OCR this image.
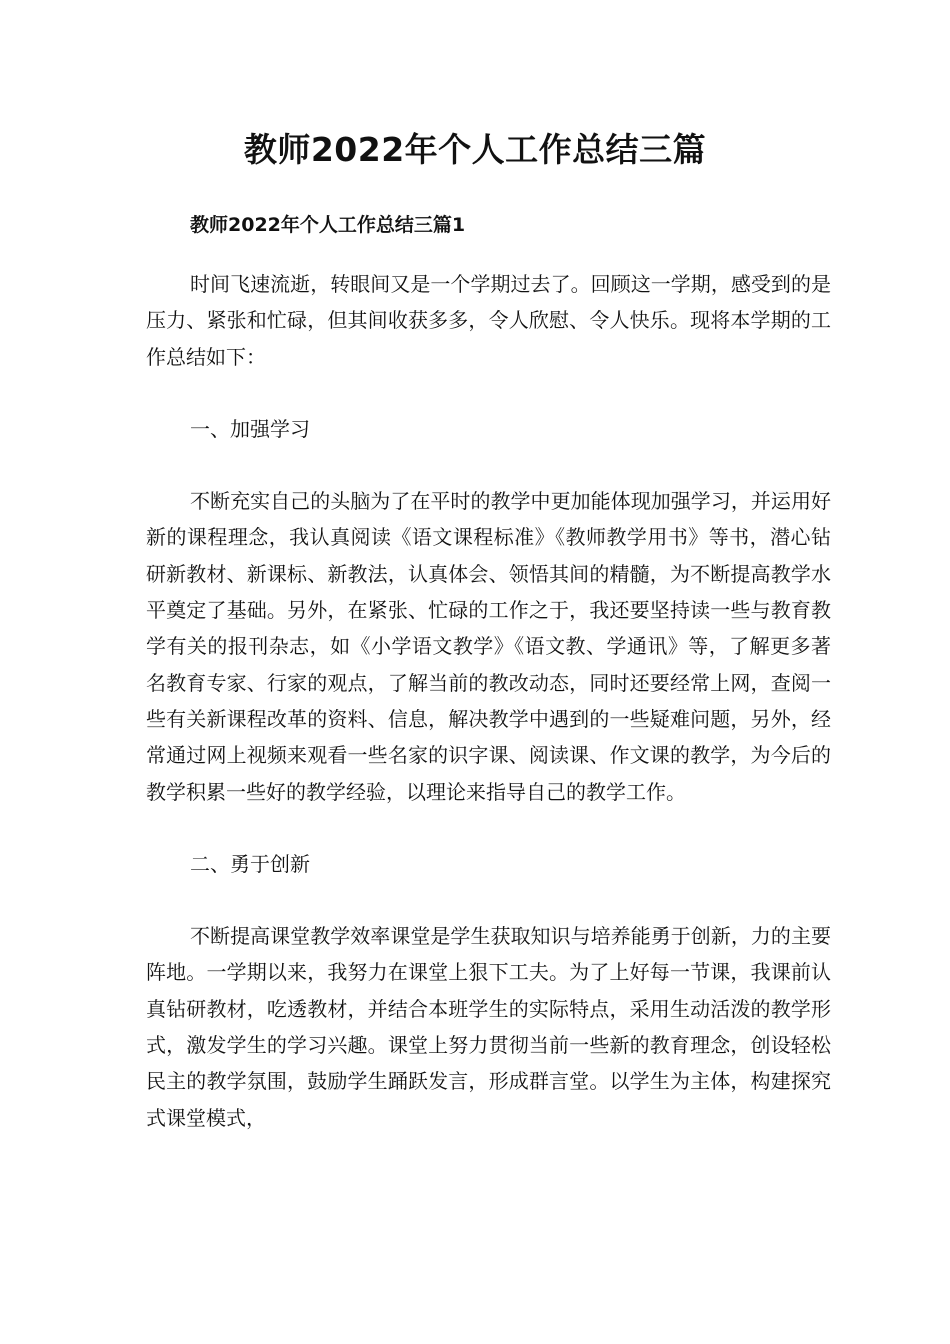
教师2022年个人工作总结三篇
教师2022年个人工作总结三篇1

时间飞速流逝，转眼间又是一个学期过去了。回顾这一学期，感受到的是压力、紧张和忙碌，但其间收获多多，令人欣慰、令人快乐。现将本学期的工作总结如下：

一、加强学习

不断充实自己的头脑为了在平时的教学中更加能体现加强学习，并运用好新的课程理念，我认真阅读《语文课程标准》《教师教学用书》等书，潜心钻研新教材、新课标、新教法，认真体会、领悟其间的精髓，为不断提高教学水平奠定了基础。另外，在紧张、忙碌的工作之于，我还要坚持读一些与教育教学有关的报刊杂志，如《小学语文教学》《语文教、学通讯》等，了解更多著名教育专家、行家的观点，了解当前的教改动态，同时还要经常上网，查阅一些有关新课程改革的资料、信息，解决教学中遇到的一些疑难问题，另外，经常通过网上视频来观看一些名家的识字课、阅读课、作文课的教学，为今后的教学积累一些好的教学经验，以理论来指导自己的教学工作。

二、勇于创新

不断提高课堂教学效率课堂是学生获取知识与培养能勇于创新，力的主要阵地。一学期以来，我努力在课堂上狠下工夫。为了上好每一节课，我课前认真钻研教材，吃透教材，并结合本班学生的实际特点，采用生动活泼的教学形式，激发学生的学习兴趣。课堂上努力贯彻当前一些新的教育理念，创设轻松民主的教学氛围，鼓励学生踊跃发言，形成群言堂。以学生为主体，构建探究式课堂模式，
